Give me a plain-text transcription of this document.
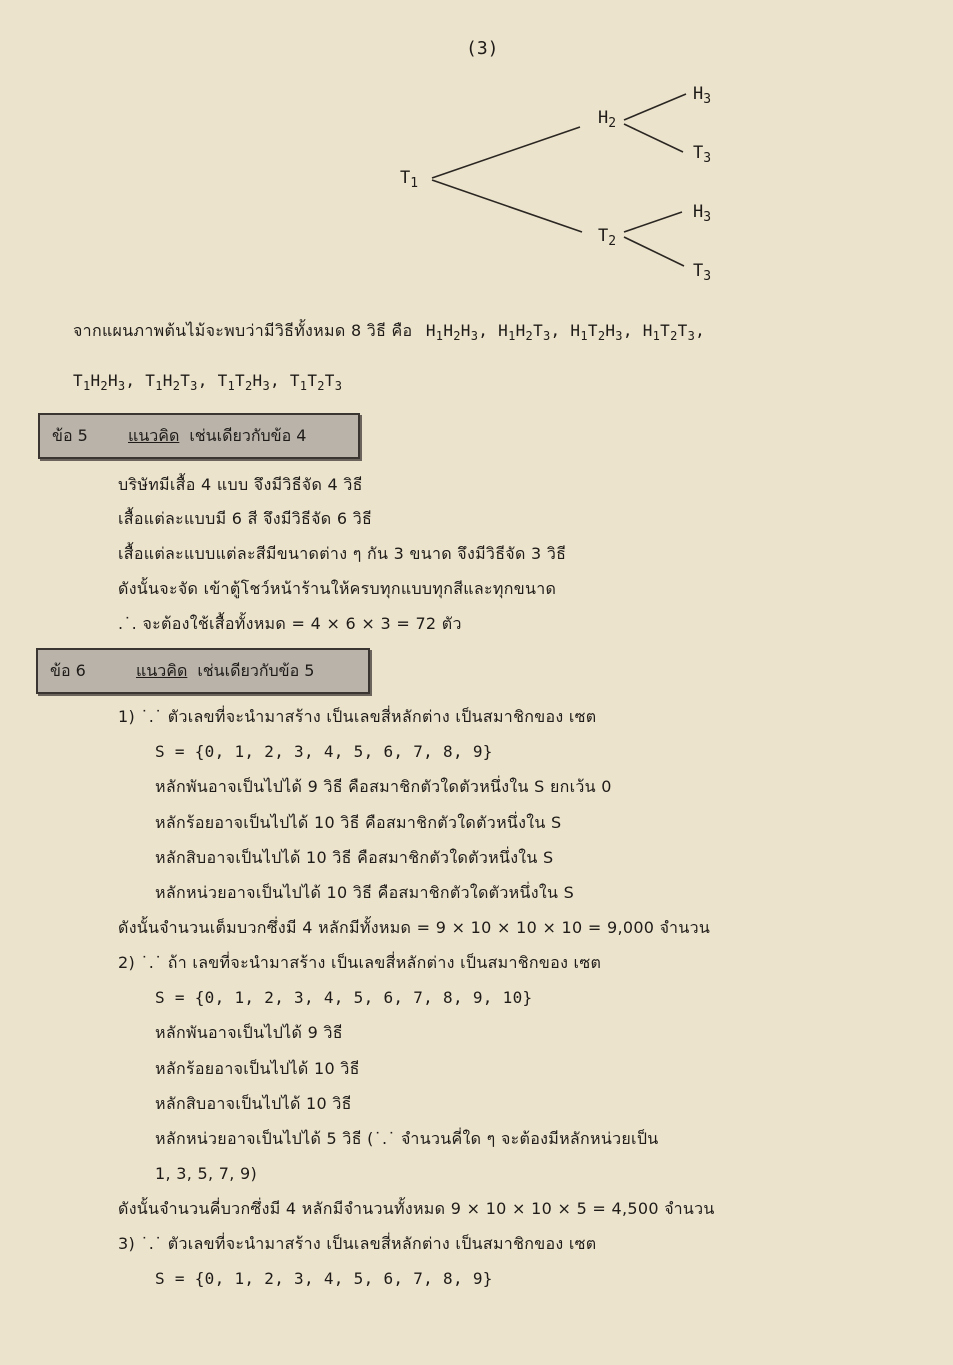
(3)
$T_1$
$H_2$
$T_2$
$H_3$
$T_3$
$H_3$
$T_3$
จากแผนภาพต้นไม้จะพบว่ามีวิธีทั้งหมด 8 วิธี คือ $H_1H_2H_3$, $H_1H_2T_3$, $H_1T_2H_3$, $H_1T_2T_3$,
$T_1H_2H_3$, $T_1H_2T_3$, $T_1T_2H_3$, $T_1T_2T_3$
ข้อ 5	แนวคิด เช่นเดียวกับข้อ 4
บริษัทมีเสื้อ 4 แบบ จึงมีวิธีจัด 4 วิธี
เสื้อแต่ละแบบมี 6 สี จึงมีวิธีจัด 6 วิธี
เสื้อแต่ละแบบแต่ละสีมีขนาดต่าง ๆ กัน 3 ขนาด จึงมีวิธีจัด 3 วิธี
ดังนั้นจะจัด เข้าตู้โชว์หน้าร้านให้ครบทุกแบบทุกสีและทุกขนาด
.˙. จะต้องใช้เสื้อทั้งหมด = 4 × 6 × 3 = 72 ตัว
ข้อ 6	แนวคิด เช่นเดียวกับข้อ 5
1) ˙.˙ ตัวเลขที่จะนำมาสร้าง เป็นเลขสี่หลักต่าง เป็นสมาชิกของ เซต
S = {0, 1, 2, 3, 4, 5, 6, 7, 8, 9}
หลักพันอาจเป็นไปได้ 9 วิธี คือสมาชิกตัวใดตัวหนึ่งใน S ยกเว้น 0
หลักร้อยอาจเป็นไปได้ 10 วิธี คือสมาชิกตัวใดตัวหนึ่งใน S
หลักสิบอาจเป็นไปได้ 10 วิธี คือสมาชิกตัวใดตัวหนึ่งใน S
หลักหน่วยอาจเป็นไปได้ 10 วิธี คือสมาชิกตัวใดตัวหนึ่งใน S
ดังนั้นจำนวนเต็มบวกซึ่งมี 4 หลักมีทั้งหมด = 9 × 10 × 10 × 10 = 9,000 จำนวน
2) ˙.˙ ถ้า เลขที่จะนำมาสร้าง เป็นเลขสี่หลักต่าง เป็นสมาชิกของ เซต
S = {0, 1, 2, 3, 4, 5, 6, 7, 8, 9, 10}
หลักพันอาจเป็นไปได้ 9 วิธี
หลักร้อยอาจเป็นไปได้ 10 วิธี
หลักสิบอาจเป็นไปได้ 10 วิธี
หลักหน่วยอาจเป็นไปได้ 5 วิธี (˙.˙ จำนวนคี่ใด ๆ จะต้องมีหลักหน่วยเป็น
1, 3, 5, 7, 9)
ดังนั้นจำนวนคี่บวกซึ่งมี 4 หลักมีจำนวนทั้งหมด 9 × 10 × 10 × 5 = 4,500 จำนวน
3) ˙.˙ ตัวเลขที่จะนำมาสร้าง เป็นเลขสี่หลักต่าง เป็นสมาชิกของ เซต
S = {0, 1, 2, 3, 4, 5, 6, 7, 8, 9}
